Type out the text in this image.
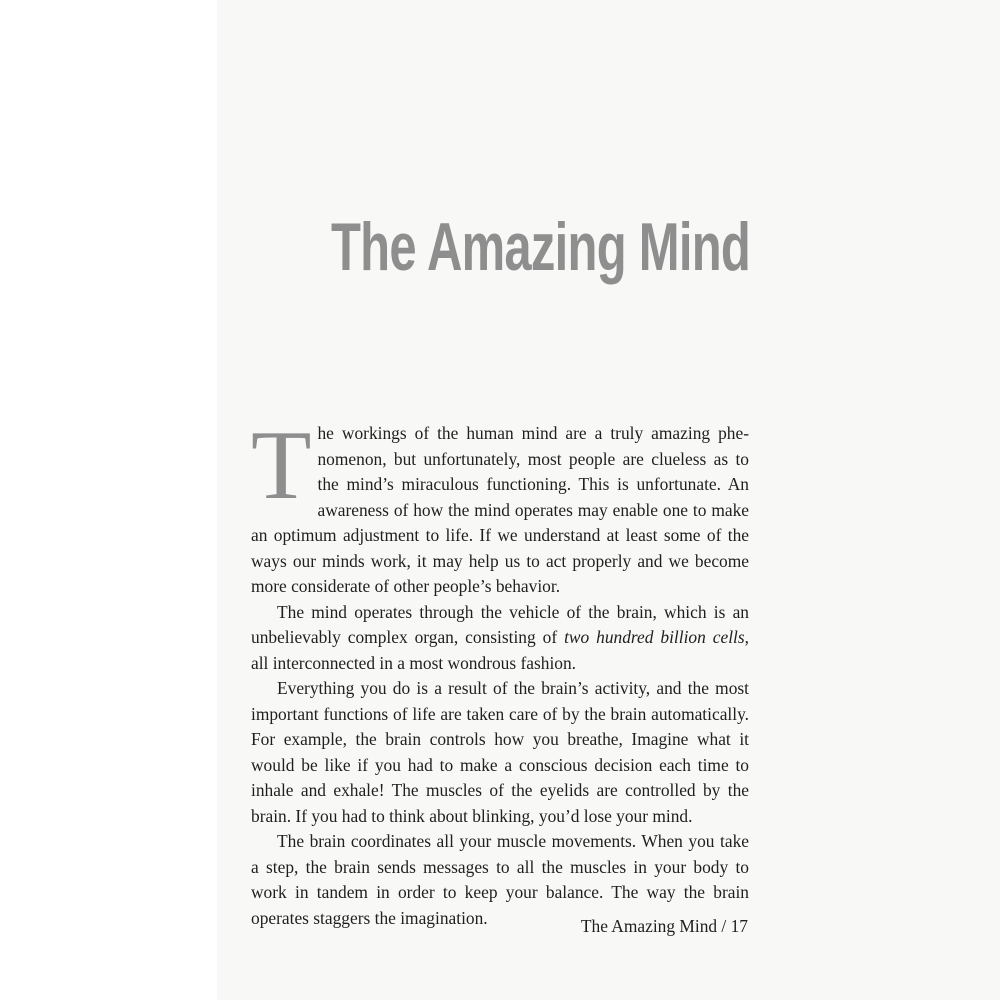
The Amazing Mind

The workings of the human mind are a truly amazing phenomenon, but unfortunately, most people are clueless as to the mind’s miraculous functioning. This is unfortunate. An awareness of how the mind operates may enable one to make an optimum adjustment to life. If we understand at least some of the ways our minds work, it may help us to act properly and we become more considerate of other people’s behavior.

The mind operates through the vehicle of the brain, which is an unbelievably complex organ, consisting of two hundred billion cells, all interconnected in a most wondrous fashion.

Everything you do is a result of the brain’s activity, and the most important functions of life are taken care of by the brain automatically. For example, the brain controls how you breathe, Imagine what it would be like if you had to make a conscious decision each time to inhale and exhale! The muscles of the eyelids are controlled by the brain. If you had to think about blinking, you’d lose your mind.

The brain coordinates all your muscle movements. When you take a step, the brain sends messages to all the muscles in your body to work in tandem in order to keep your balance. The way the brain operates staggers the imagination.	The Amazing Mind / 17
